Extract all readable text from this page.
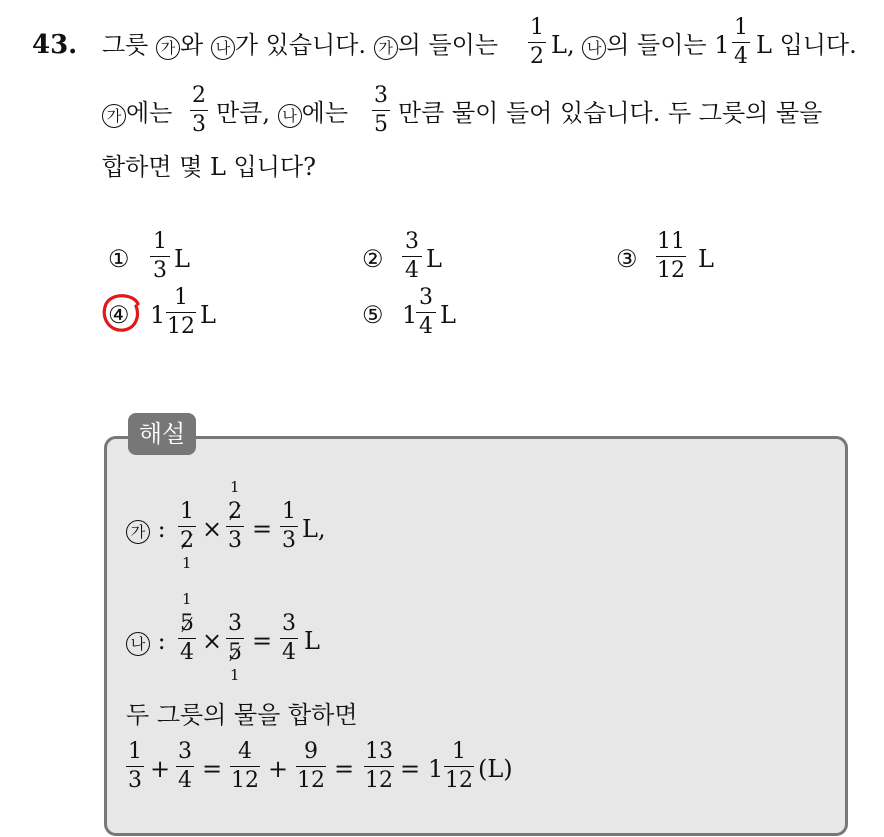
43. 그릇 가 와 나 가 있습니다. 가 의 들이는
1
2 L, 나 의 들이는 1
1
4 L 입니다.
가 에는
2
3 만큼, 나 에는
3
5 만큼 물이 들어 있습니다. 두 그릇의 물을
합하면 몇 L 입니다?
①
1
3 L	②
3
4 L	③
11
12 L
④ 1
1
12 L	⑤ 1
3
4 L
해설
가 :
1
2
1
×
1
2
3 =
1
3 L,
나 :
1
5
4 ×
3
5
1
=
3
4 L
두 그릇의 물을 합하면
1
3 +
3
4 =
4
12 +
9
12 =
13
12 = 1
1
12 (L)
